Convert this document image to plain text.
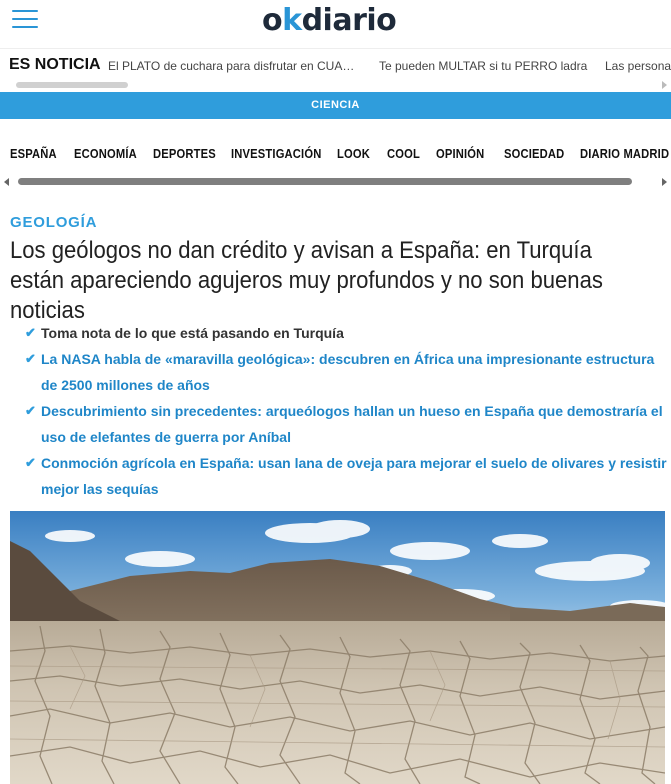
okdiario
ES NOTICIA El PLATO de cuchara para disfrutar en CUA… Te pueden MULTAR si tu PERRO ladra Las persona
CIENCIA
ESPAÑA ECONOMÍA DEPORTES INVESTIGACIÓN LOOK COOL OPINIÓN SOCIEDAD DIARIO MADRID
GEOLOGÍA
Los geólogos no dan crédito y avisan a España: en Turquía están apareciendo agujeros muy profundos y no son buenas noticias
✔ Toma nota de lo que está pasando en Turquía
✔ La NASA habla de «maravilla geológica»: descubren en África una impresionante estructura de 2500 millones de años
✔ Descubrimiento sin precedentes: arqueólogos hallan un hueso en España que demostraría el uso de elefantes de guerra por Aníbal
✔ Conmoción agrícola en España: usan lana de oveja para mejorar el suelo de olivares y resistir mejor las sequías
